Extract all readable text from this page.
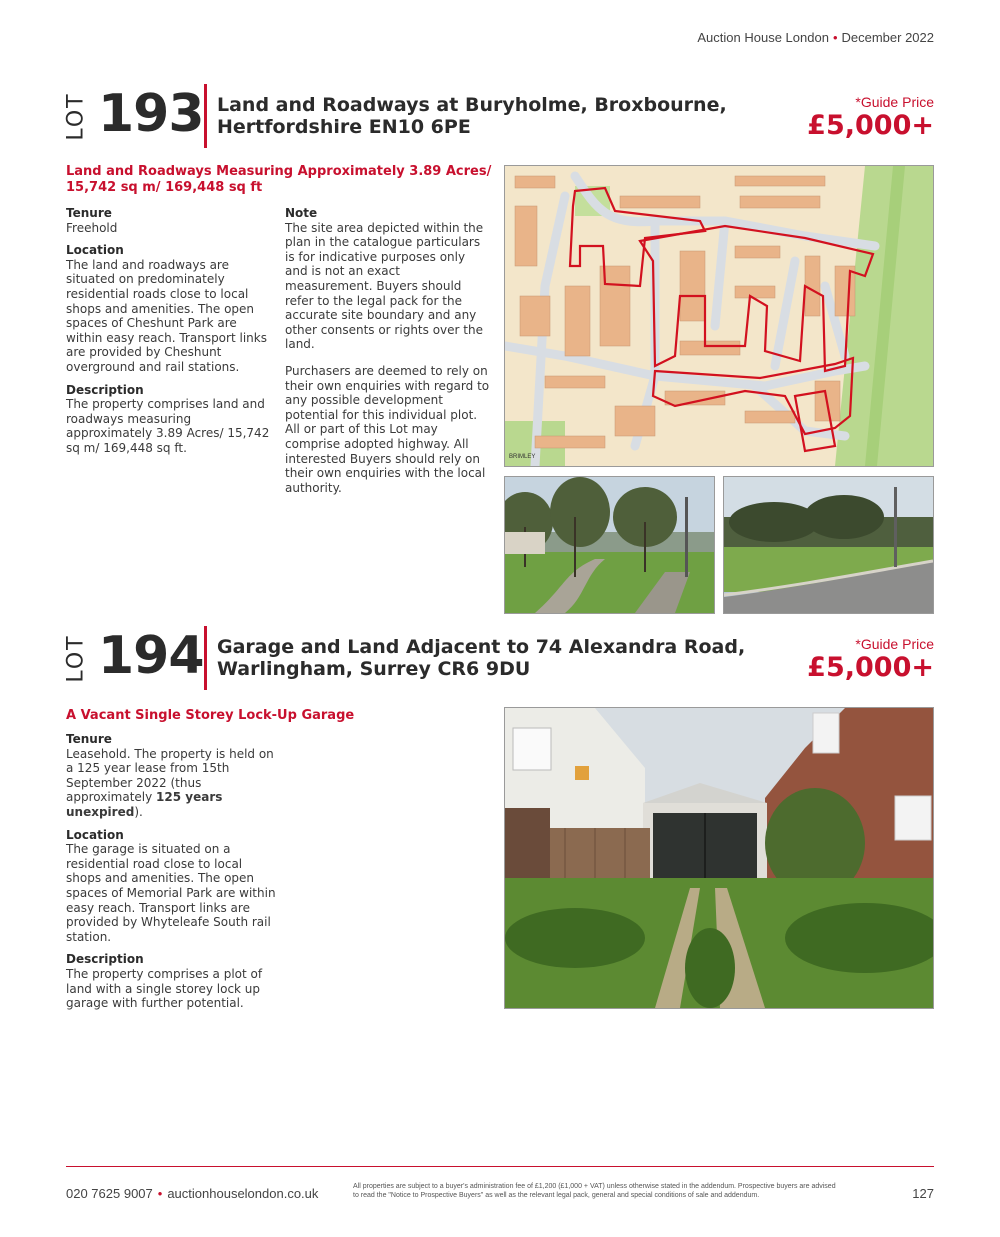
Auction House London • December 2022
LOT 193 Land and Roadways at Buryholme, Broxbourne,
Hertfordshire EN10 6PE
*Guide Price
£5,000+
Land and Roadways Measuring Approximately 3.89 Acres/
15,742 sq m/ 169,448 sq ft
Tenure

Freehold

Location

The land and roadways are situated on predominately residential roads close to local shops and amenities. The open spaces of Cheshunt Park are within easy reach. Transport links are provided by Cheshunt overground and rail stations.

Description

The property comprises land and roadways measuring approximately 3.89 Acres/ 15,742 sq m/ 169,448 sq ft.

Note

The site area depicted within the plan in the catalogue particulars is for indicative purposes only and is not an exact measurement. Buyers should refer to the legal pack for the accurate site boundary and any other consents or rights over the land.

Purchasers are deemed to rely on their own enquiries with regard to any possible development potential for this individual plot. All or part of this Lot may comprise adopted highway. All interested Buyers should rely on their own enquiries with the local authority.

BRIMLEY
LOT 194 Garage and Land Adjacent to 74 Alexandra Road,
Warlingham, Surrey CR6 9DU
*Guide Price
£5,000+
A Vacant Single Storey Lock-Up Garage
Tenure

Leasehold. The property is held on a 125 year lease from 15th September 2022 (thus approximately 125 years unexpired).

Location

The garage is situated on a residential road close to local shops and amenities. The open spaces of Memorial Park are within easy reach. Transport links are provided by Whyteleafe South rail station.

Description

The property comprises a plot of land with a single storey lock up garage with further potential.

020 7625 9007 • auctionhouselondon.co.uk	All properties are subject to a buyer's administration fee of £1,200 (£1,000 + VAT) unless otherwise stated in the addendum. Prospective buyers are advised to read the "Notice to Prospective Buyers" as well as the relevant legal pack, general and special conditions of sale and addendum.	127
